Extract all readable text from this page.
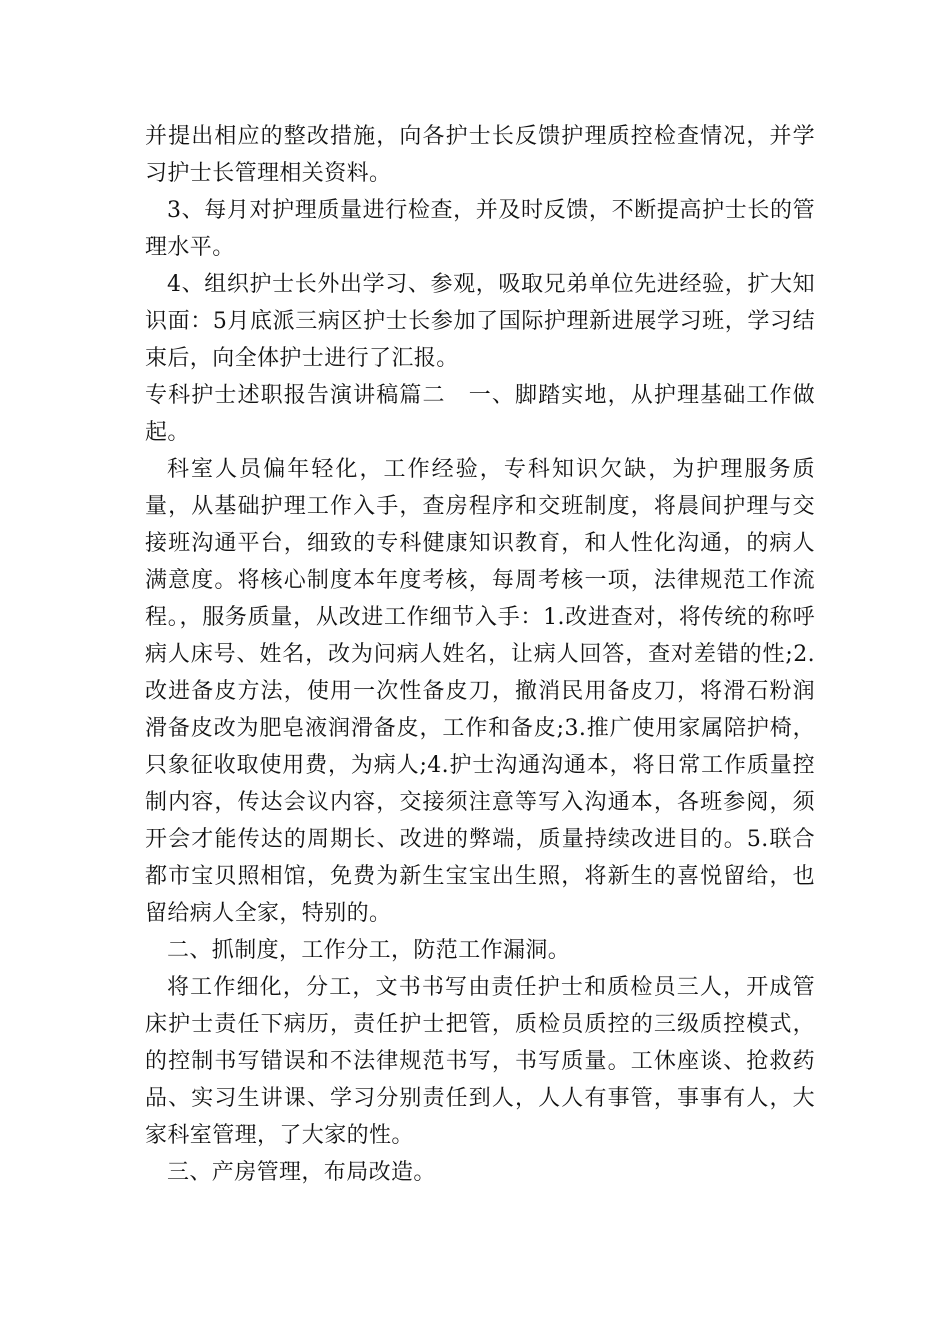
并提出相应的整改措施，向各护士长反馈护理质控检查情况，并学习护士长管理相关资料。

3、每月对护理质量进行检查，并及时反馈，不断提高护士长的管理水平。

4、组织护士长外出学习、参观，吸取兄弟单位先进经验，扩大知识面：5月底派三病区护士长参加了国际护理新进展学习班，学习结束后，向全体护士进行了汇报。

专科护士述职报告演讲稿篇二　一、脚踏实地，从护理基础工作做起。

科室人员偏年轻化，工作经验，专科知识欠缺，为护理服务质量，从基础护理工作入手，查房程序和交班制度，将晨间护理与交接班沟通平台，细致的专科健康知识教育，和人性化沟通，的病人满意度。将核心制度本年度考核，每周考核一项，法律规范工作流程。，服务质量，从改进工作细节入手：1.改进查对，将传统的称呼病人床号、姓名，改为问病人姓名，让病人回答，查对差错的性;2.改进备皮方法，使用一次性备皮刀，撤消民用备皮刀，将滑石粉润滑备皮改为肥皂液润滑备皮，工作和备皮;3.推广使用家属陪护椅，只象征收取使用费，为病人;4.护士沟通沟通本，将日常工作质量控制内容，传达会议内容，交接须注意等写入沟通本，各班参阅，须开会才能传达的周期长、改进的弊端，质量持续改进目的。5.联合都市宝贝照相馆，免费为新生宝宝出生照，将新生的喜悦留给，也留给病人全家，特别的。

二、抓制度，工作分工，防范工作漏洞。

将工作细化，分工，文书书写由责任护士和质检员三人，开成管床护士责任下病历，责任护士把管，质检员质控的三级质控模式，的控制书写错误和不法律规范书写，书写质量。工休座谈、抢救药品、实习生讲课、学习分别责任到人，人人有事管，事事有人，大家科室管理，了大家的性。

三、产房管理，布局改造。
